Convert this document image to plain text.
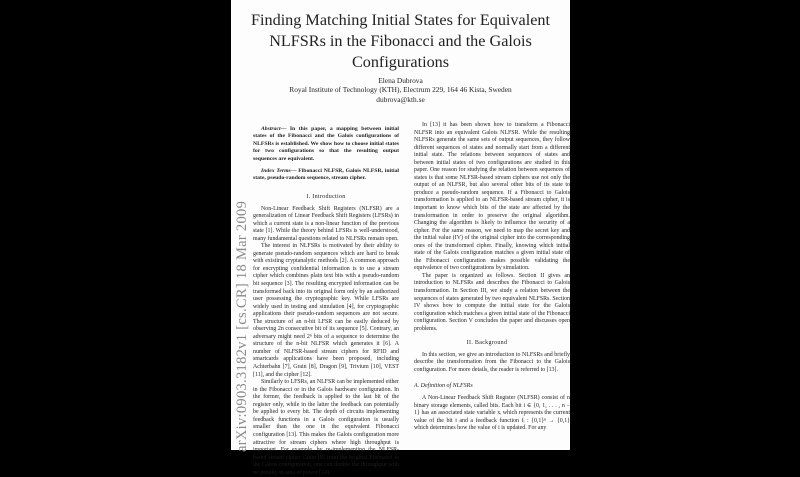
Finding Matching Initial States for Equivalent
NLFSRs in the Fibonacci and the Galois
Configurations
Elena Dubrova
Royal Institute of Technology (KTH), Electrum 229, 164 46 Kista, Sweden
dubrova@kth.se
Abstract— In this paper, a mapping between initial states of the Fibonacci and the Galois configurations of NLFSRs is established. We show how to choose initial states for two configurations so that the resulting output sequences are equivalent.
Index Terms— Fibonacci NLFSR, Galois NLFSR, initial state, pseudo-random sequence, stream cipher.
I. Introduction

Non-Linear Feedback Shift Registers (NLFSR) are a generalization of Linear Feedback Shift Registers (LFSRs) in which a current state is a non-linear function of the previous state [1]. While the theory behind LFSRs is well-understood, many fundamental questions related to NLFSRs remain open.

The interest in NLFSRs is motivated by their ability to generate pseudo-random sequences which are hard to break with existing cryptanalytic methods [2]. A common approach for encrypting confidential information is to use a stream cipher which combines plain text bits with a pseudo-random bit sequence [3]. The resulting encrypted information can be transformed back into its original form only by an authorized user possessing the cryptographic key. While LFSRs are widely used in testing and simulation [4], for cryptographic applications their pseudo-random sequences are not secure. The structure of an n-bit LFSR can be easily deduced by observing 2n consecutive bit of its sequence [5]. Contrary, an adversary might need 2ⁿ bits of a sequence to determine the structure of the n-bit NLFSR which generates it [6]. A number of NLFSR-based stream ciphers for RFID and smartcards applications have been proposed, including Achterbahn [7], Grain [8], Dragon [9], Trivium [10], VEST [11], and the cipher [12].

Similarly to LFSRs, an NLFSR can be implemented either in the Fibonacci or in the Galois hardware configuration. In the former, the feedback is applied to the last bit of the register only, while in the latter the feedback can potentially be applied to every bit. The depth of circuits implementing feedback functions in a Galois configuration is usually smaller than the one in the equivalent Fibonacci configuration [13]. This makes the Galois configuration more attractive for stream ciphers where high throughput is important. For example, by re-implementing the NLFSR-based stream cipher Grain [8] from the original Fibonacci to the Galois configuration, one can double the throughput with no penalty in area or power [14].

In [13] it has been shown how to transform a Fibonacci NLFSR into an equivalent Galois NLFSR. While the resulting NLFSRs generate the same sets of output sequences, they follow different sequences of states and normally start from a different initial state. The relations between sequences of states and between initial states of two configurations are studied in this paper. One reason for studying the relation between sequences of states is that some NLFSR-based stream ciphers use not only the output of an NLFSR, but also several other bits of its state to produce a pseudo-random sequence. If a Fibonacci to Galois transformation is applied to an NLFSR-based stream cipher, it is important to know which bits of the state are affected by the transformation in order to preserve the original algorithm. Changing the algorithm is likely to influence the security of a cipher. For the same reason, we need to map the secret key and the initial value (IV) of the original cipher into the corresponding ones of the transformed cipher. Finally, knowing which initial state of the Galois configuration matches a given initial state of the Fibonacci configuration makes possible validating the equivalence of two configurations by simulation.

The paper is organized as follows. Section II gives an introduction to NLFSRs and describes the Fibonacci to Galois transformation. In Section III, we study a relation between the sequences of states generated by two equivalent NLFSRs. Section IV shows how to compute the initial state for the Galois configuration which matches a given initial state of the Fibonacci configuration. Section V concludes the paper and discusses open problems.

II. Background

In this section, we give an introduction to NLFSRs and briefly describe the transformation from the Fibonacci to the Galois configuration. For more details, the reader is referred to [13].

A. Definition of NLFSRs

A Non-Linear Feedback Shift Register (NLFSR) consist of n binary storage elements, called bits. Each bit i ∈ {0, 1, . . . , n − 1} has an associated state variable xᵢ which represents the current value of the bit i and a feedback function fᵢ : {0,1}ⁿ → {0,1} which determines how the value of i is updated. For any

arXiv:0903.3182v1 [cs.CR] 18 Mar 2009
